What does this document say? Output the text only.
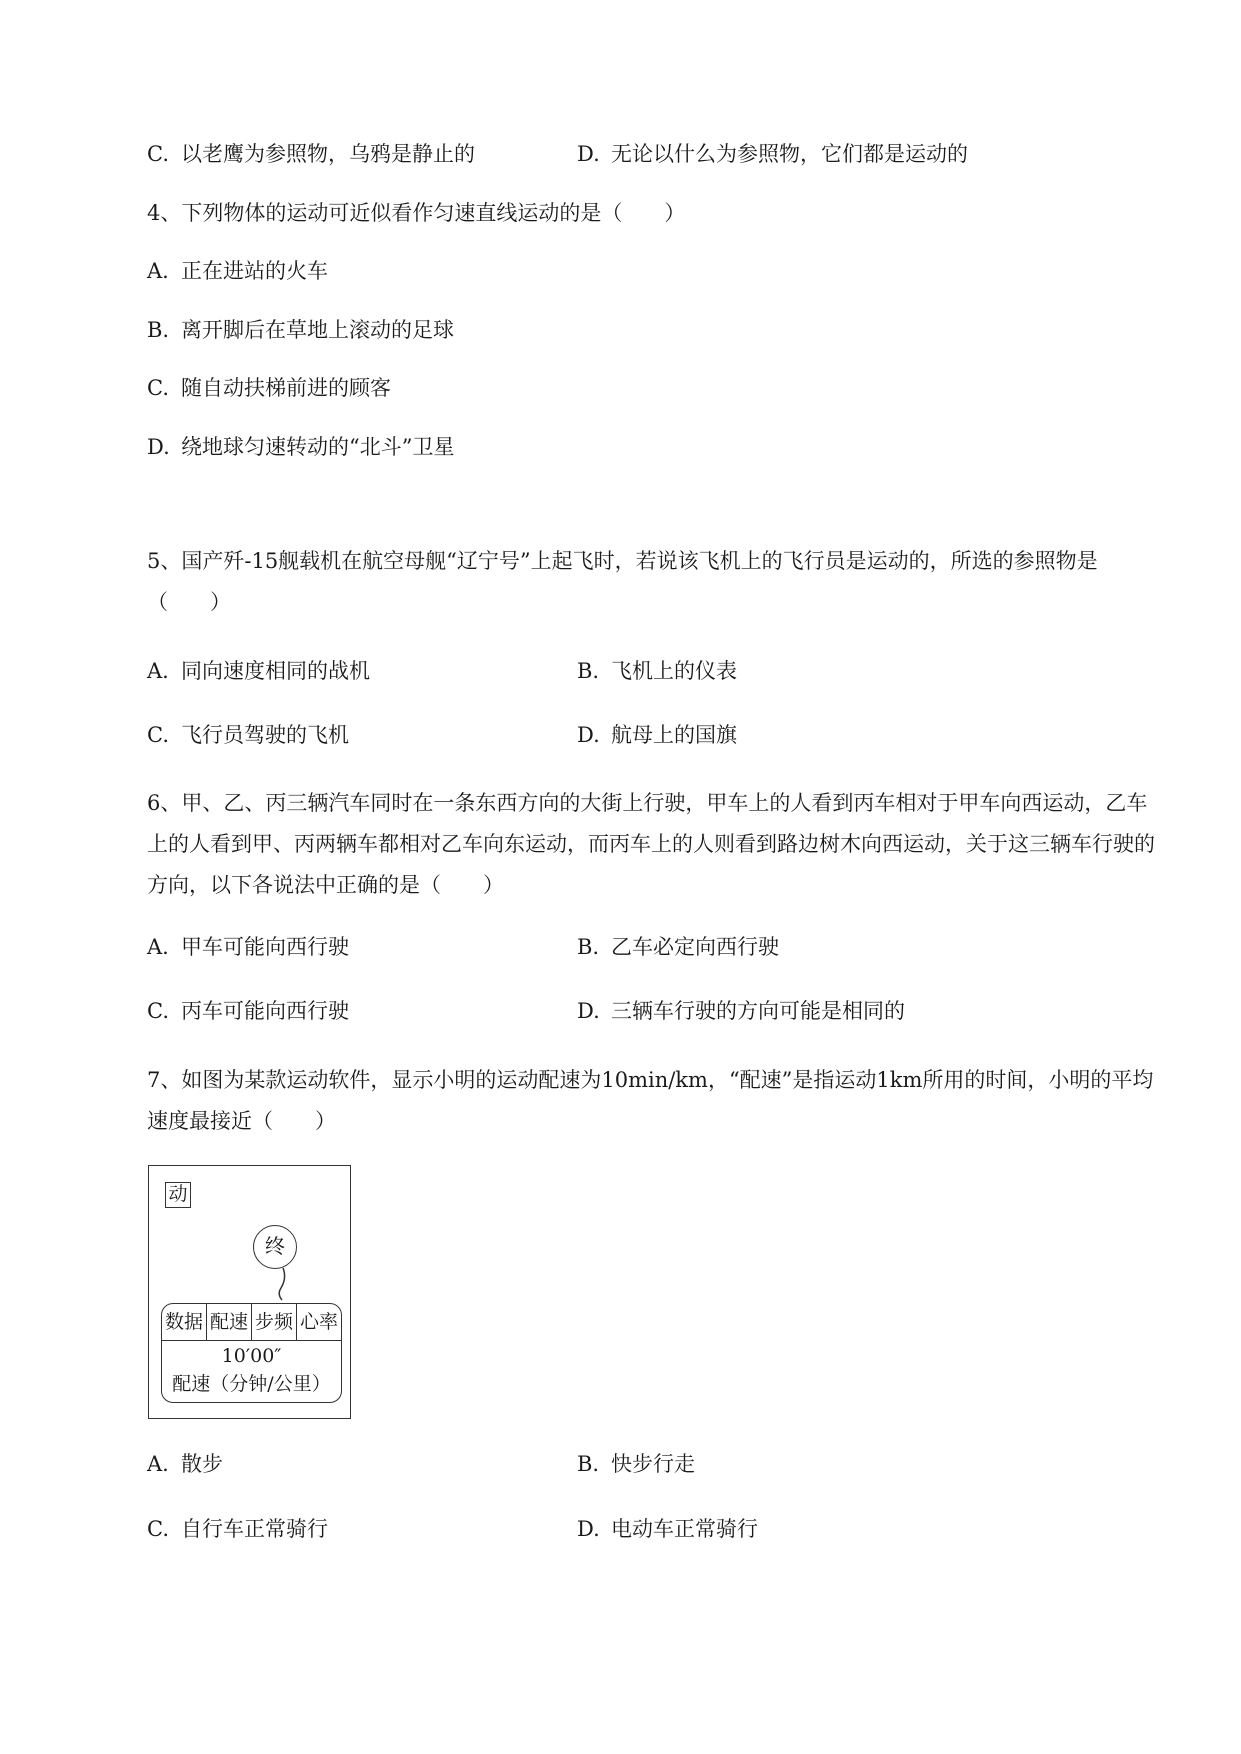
C. 以老鹰为参照物，乌鸦是静止的	D. 无论以什么为参照物，它们都是运动的
4、下列物体的运动可近似看作匀速直线运动的是（　　）
A. 正在进站的火车
B. 离开脚后在草地上滚动的足球
C. 随自动扶梯前进的顾客
D. 绕地球匀速转动的“北斗”卫星
5、国产歼-15舰载机在航空母舰“辽宁号”上起飞时，若说该飞机上的飞行员是运动的，所选的参照物是（　　）
A. 同向速度相同的战机	B. 飞机上的仪表
C. 飞行员驾驶的飞机	D. 航母上的国旗
6、甲、乙、丙三辆汽车同时在一条东西方向的大街上行驶，甲车上的人看到丙车相对于甲车向西运动，乙车上的人看到甲、丙两辆车都相对乙车向东运动，而丙车上的人则看到路边树木向西运动，关于这三辆车行驶的方向，以下各说法中正确的是（　　）
A. 甲车可能向西行驶	B. 乙车必定向西行驶
C. 丙车可能向西行驶	D. 三辆车行驶的方向可能是相同的
7、如图为某款运动软件，显示小明的运动配速为10min/km，“配速”是指运动1km所用的时间，小明的平均速度最接近（　　）
动
终
数据 配速 步频 心率
10′00″
配速（分钟/公里）
A. 散步	B. 快步行走
C. 自行车正常骑行	D. 电动车正常骑行
